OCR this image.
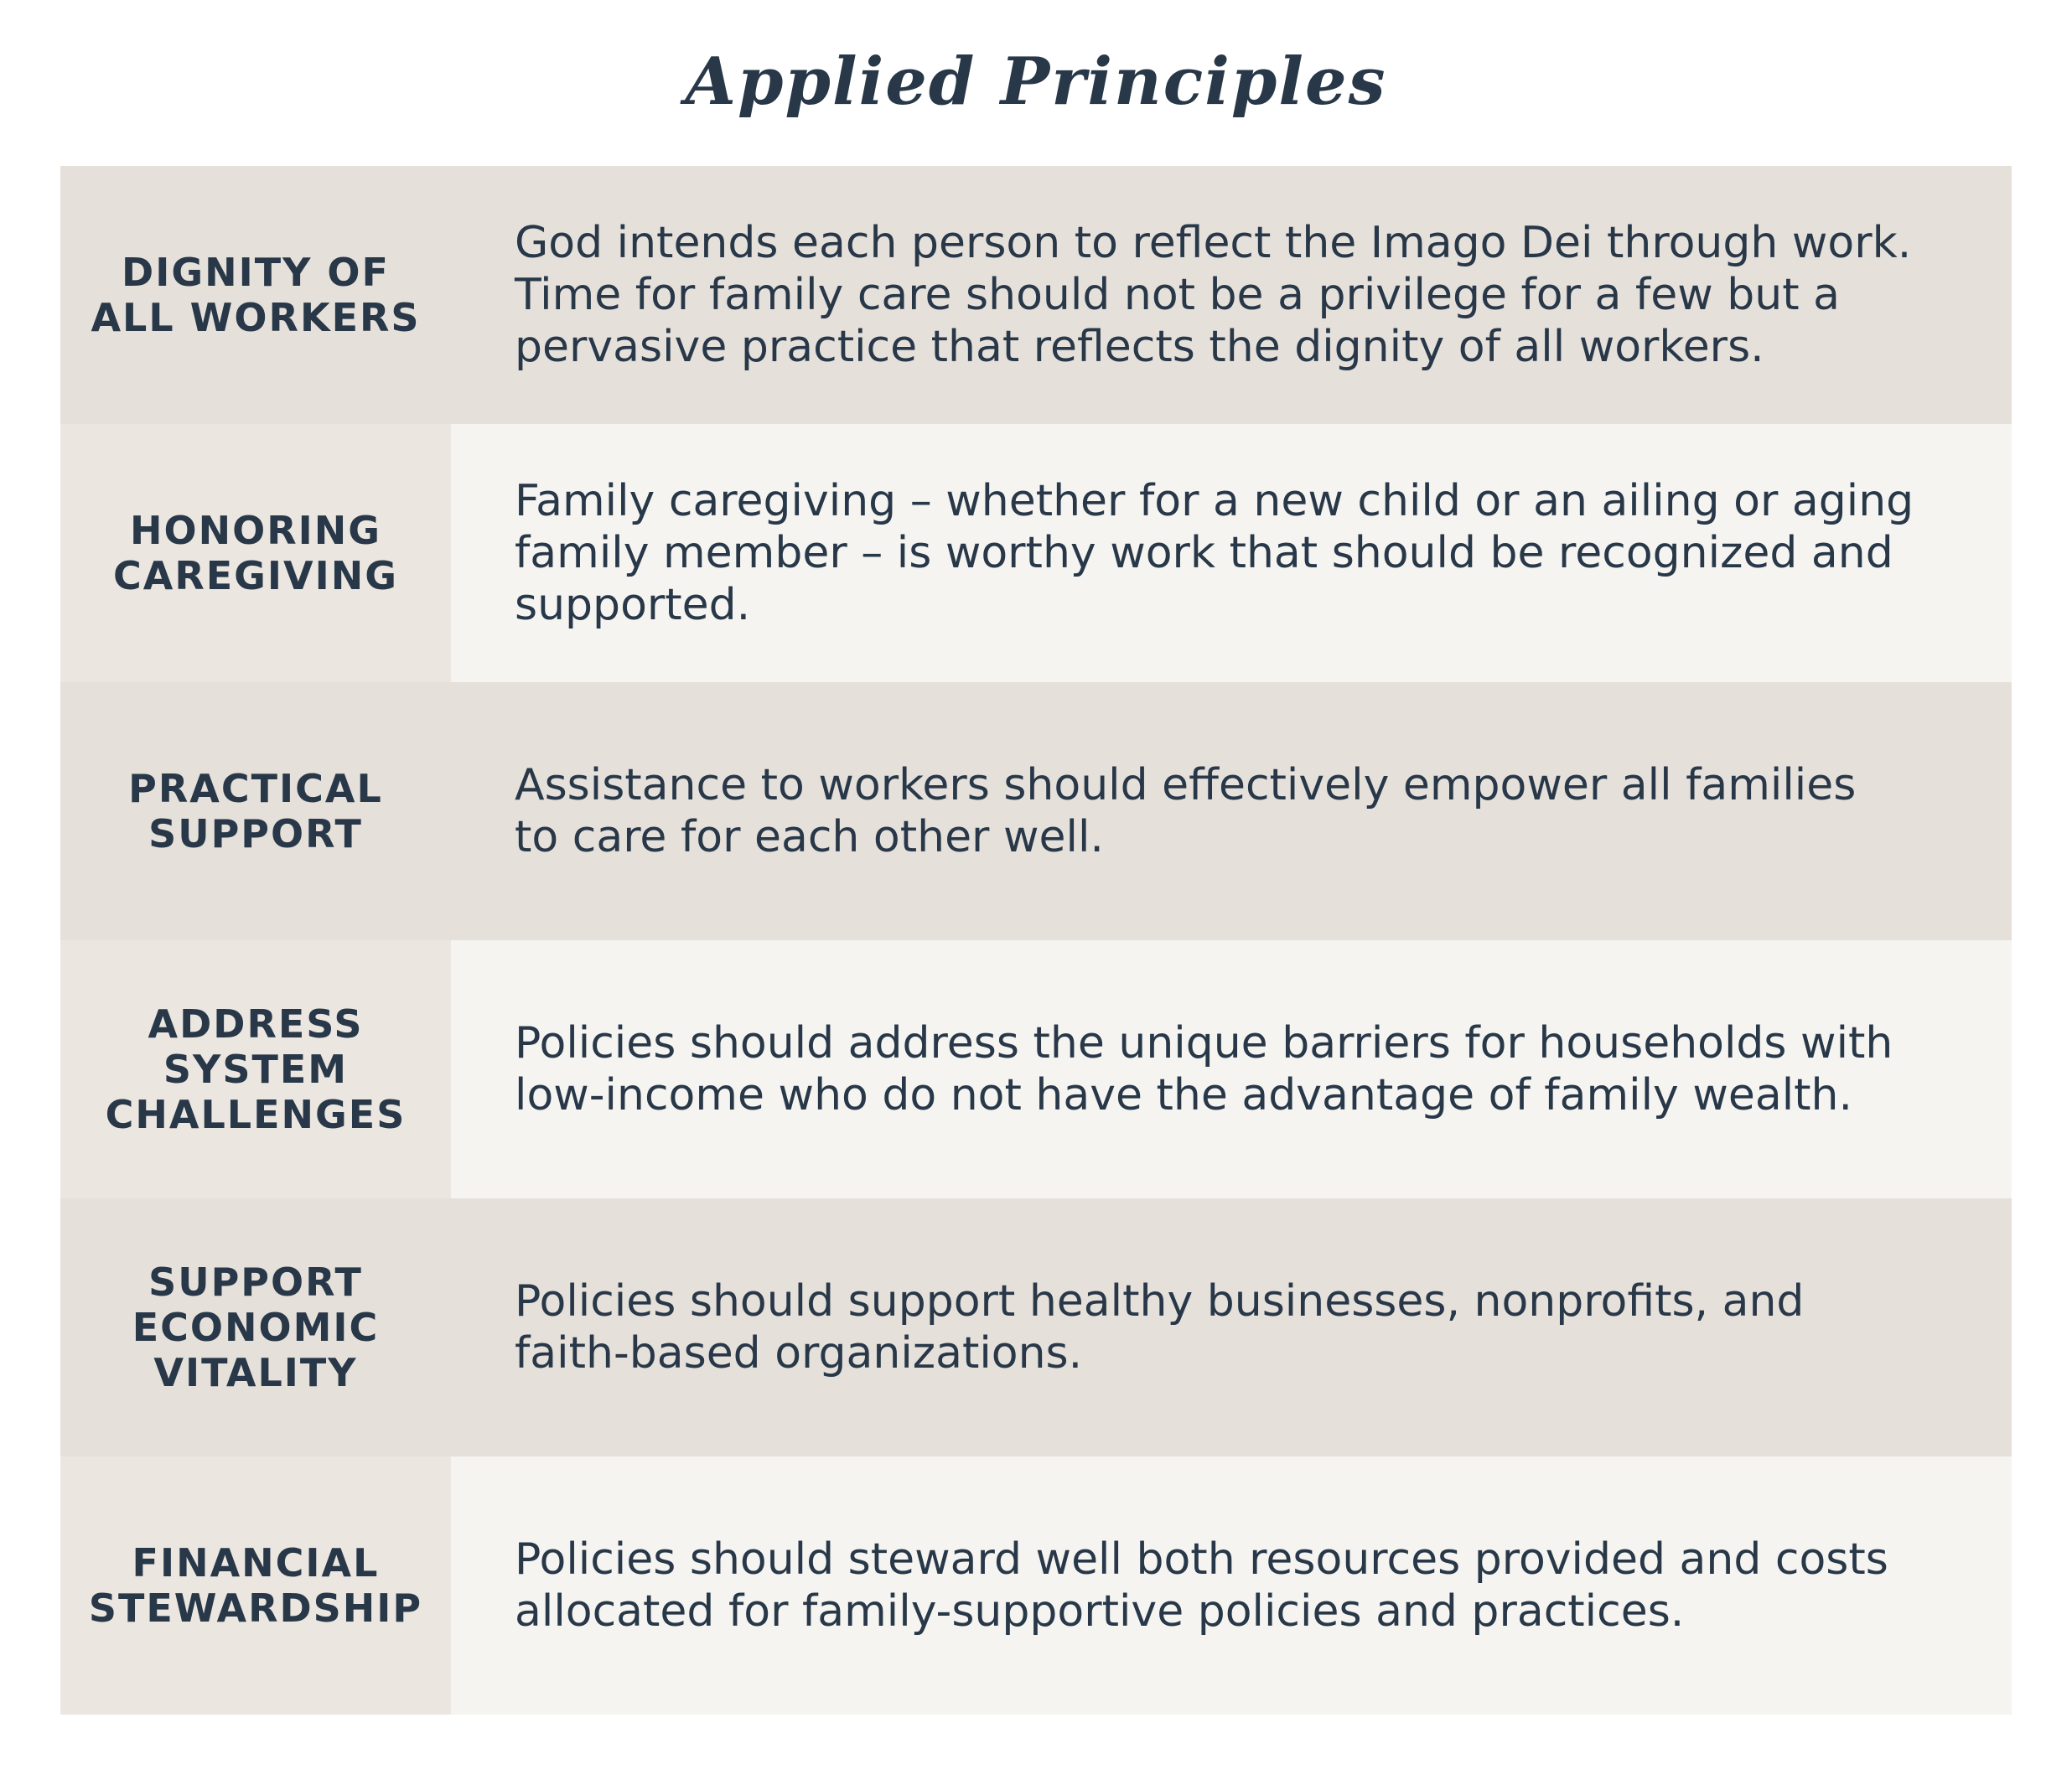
Applied Principles
DIGNITY OF
ALL WORKERS
God intends each person to reflect the Imago Dei through work.
Time for family care should not be a privilege for a few but a
pervasive practice that reflects the dignity of all workers.
HONORING
CAREGIVING
Family caregiving – whether for a new child or an ailing or aging
family member – is worthy work that should be recognized and
supported.
PRACTICAL
SUPPORT
Assistance to workers should effectively empower all families
to care for each other well.
ADDRESS
SYSTEM
CHALLENGES
Policies should address the unique barriers for households with
low-income who do not have the advantage of family wealth.
SUPPORT
ECONOMIC
VITALITY
Policies should support healthy businesses, nonprofits, and
faith-based organizations.
FINANCIAL
STEWARDSHIP
Policies should steward well both resources provided and costs
allocated for family-supportive policies and practices.
